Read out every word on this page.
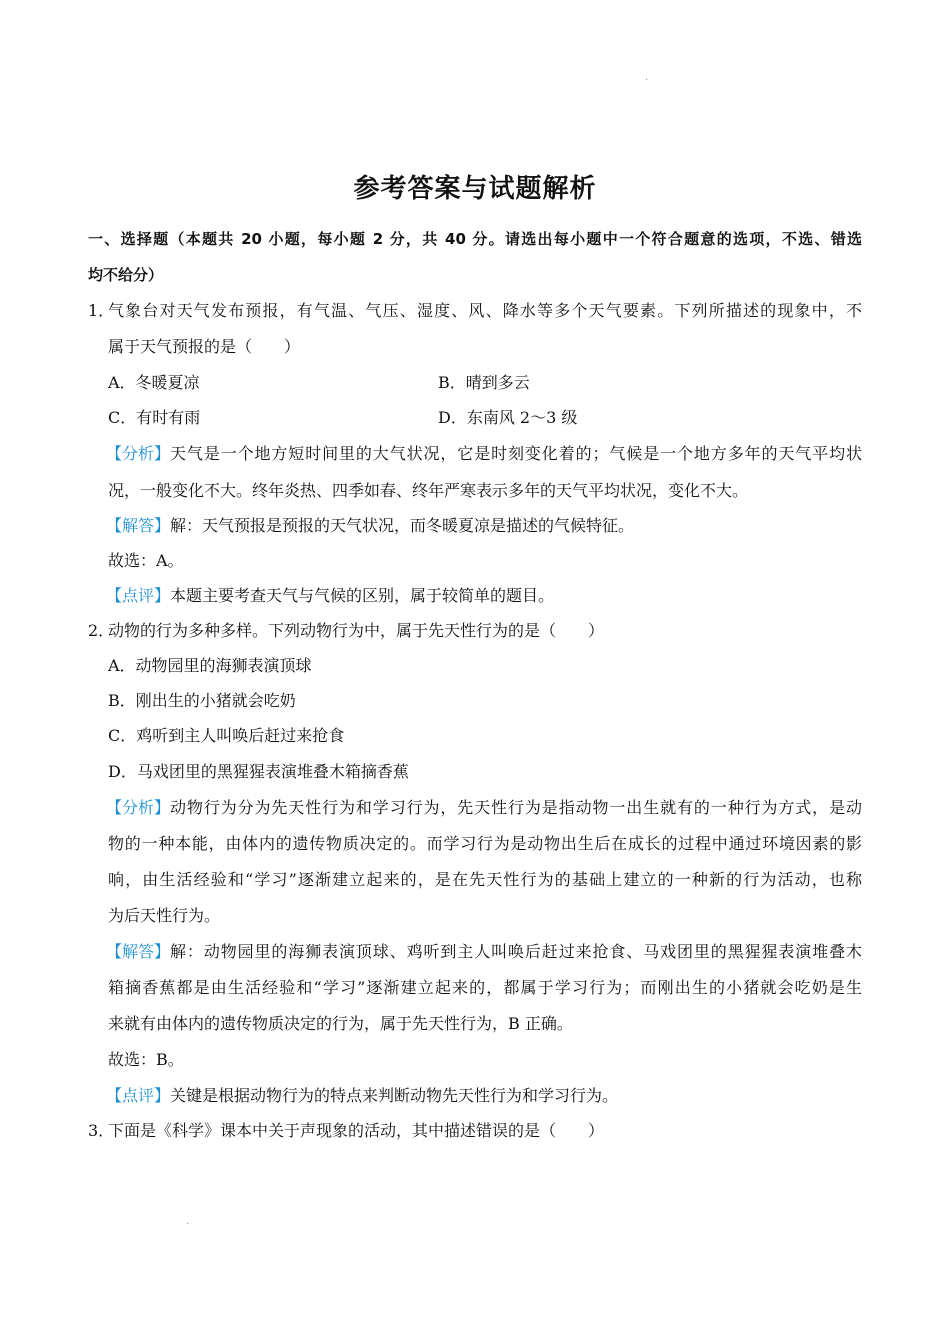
·
·
参考答案与试题解析
一、选择题（本题共 20 小题，每小题 2 分，共 40 分。请选出每小题中一个符合题意的选项，不选、错选
均不给分）
1．
气象台对天气发布预报，有气温、气压、湿度、风、降水等多个天气要素。下列所描述的现象中，不
属于天气预报的是（　　）
A．冬暖夏凉	B．晴到多云
C．有时有雨	D．东南风 2～3 级
【分析】 天气是一个地方短时间里的大气状况，它是时刻变化着的；气候是一个地方多年的天气平均状
况，一般变化不大。终年炎热、四季如春、终年严寒表示多年的天气平均状况，变化不大。
【解答】解：天气预报是预报的天气状况，而冬暖夏凉是描述的气候特征。
故选：A。
【点评】本题主要考查天气与气候的区别，属于较简单的题目。
2．
动物的行为多种多样。下列动物行为中，属于先天性行为的是（　　）
A．动物园里的海狮表演顶球
B．刚出生的小猪就会吃奶
C．鸡听到主人叫唤后赶过来抢食
D．马戏团里的黑猩猩表演堆叠木箱摘香蕉
【分析】 动物行为分为先天性行为和学习行为，先天性行为是指动物一出生就有的一种行为方式，是动
物的一种本能，由体内的遗传物质决定的。而学习行为是动物出生后在成长的过程中通过环境因素的影
响，由生活经验和“学习”逐渐建立起来的，是在先天性行为的基础上建立的一种新的行为活动，也称
为后天性行为。
【解答】 解：动物园里的海狮表演顶球、鸡听到主人叫唤后赶过来抢食、马戏团里的黑猩猩表演堆叠木
箱摘香蕉都是由生活经验和“学习”逐渐建立起来的，都属于学习行为；而刚出生的小猪就会吃奶是生
来就有由体内的遗传物质决定的行为，属于先天性行为，B 正确。
故选：B。
【点评】关键是根据动物行为的特点来判断动物先天性行为和学习行为。
3．
下面是《科学》课本中关于声现象的活动，其中描述错误的是（　　）
